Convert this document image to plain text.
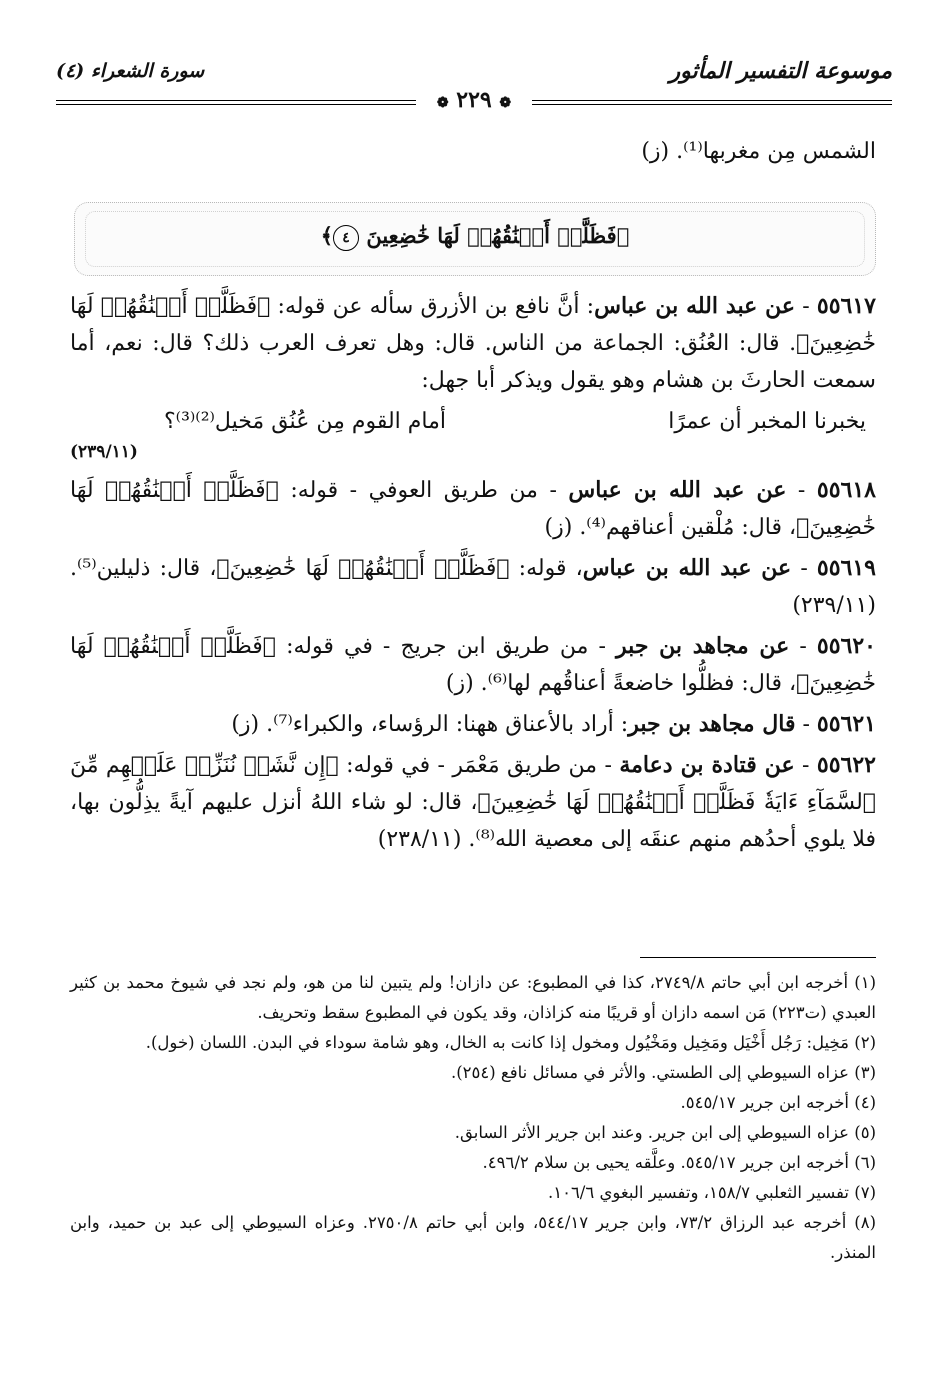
موسوعة التفسير المأثور
❁ ٢٢٩ ❁
سورة الشعراء (٤)
الشمس مِن مغربها⁽¹⁾. (ز)
﴿فَظَلَّتۡ أَعۡنَٰقُهُمۡ لَهَا خَٰضِعِينَ ٤﴾
٥٥٦١٧ - عن عبد الله بن عباس: أنَّ نافع بن الأزرق سأله عن قوله: ﴿فَظَلَّتۡ أَعۡنَٰقُهُمۡ لَهَا خَٰضِعِينَ﴾. قال: العُنُق: الجماعة من الناس. قال: وهل تعرف العرب ذلك؟ قال: نعم، أما سمعت الحارثَ بن هشام وهو يقول ويذكر أبا جهل:
يخبرنا المخبر أن عمرًا
أمام القوم مِن عُنُق مَخيل⁽²⁾⁽³⁾؟
(٢٣٩/١١)
٥٥٦١٨ - عن عبد الله بن عباس - من طريق العوفي - قوله: ﴿فَظَلَّتۡ أَعۡنَٰقُهُمۡ لَهَا خَٰضِعِينَ﴾، قال: مُلْقين أعناقهم⁽⁴⁾. (ز)
٥٥٦١٩ - عن عبد الله بن عباس، قوله: ﴿فَظَلَّتۡ أَعۡنَٰقُهُمۡ لَهَا خَٰضِعِينَ﴾، قال: ذليلين⁽⁵⁾. (٢٣٩/١١)
٥٥٦٢٠ - عن مجاهد بن جبر - من طريق ابن جريج - في قوله: ﴿فَظَلَّتۡ أَعۡنَٰقُهُمۡ لَهَا خَٰضِعِينَ﴾، قال: فظلُّوا خاضعةً أعناقُهم لها⁽⁶⁾. (ز)
٥٥٦٢١ - قال مجاهد بن جبر: أراد بالأعناق ههنا: الرؤساء، والكبراء⁽⁷⁾. (ز)
٥٥٦٢٢ - عن قتادة بن دعامة - من طريق مَعْمَر - في قوله: ﴿إِن نَّشَأۡ نُنَزِّلۡ عَلَيۡهِم مِّنَ ٱلسَّمَآءِ ءَايَةٗ فَظَلَّتۡ أَعۡنَٰقُهُمۡ لَهَا خَٰضِعِينَ﴾، قال: لو شاء اللهُ أنزل عليهم آيةً يذِلُّون بها، فلا يلوي أحدُهم منهم عنقَه إلى معصية الله⁽⁸⁾. (٢٣٨/١١)

(١) أخرجه ابن أبي حاتم ٢٧٤٩/٨، كذا في المطبوع: عن دازان! ولم يتبين لنا من هو، ولم نجد في شيوخ محمد بن كثير العبدي (ت٢٢٣) مَن اسمه دازان أو قريبًا منه كزاذان، وقد يكون في المطبوع سقط وتحريف.

(٢) مَخِيل: رَجُل أَخْيَل ومَخِيل ومَخْيُول ومخول إذا كانت به الخال، وهو شامة سوداء في البدن. اللسان (خول).

(٣) عزاه السيوطي إلى الطستي. والأثر في مسائل نافع (٢٥٤).

(٤) أخرجه ابن جرير ٥٤٥/١٧.

(٥) عزاه السيوطي إلى ابن جرير. وعند ابن جرير الأثر السابق.

(٦) أخرجه ابن جرير ٥٤٥/١٧. وعلَّقه يحيى بن سلام ٤٩٦/٢.

(٧) تفسير الثعلبي ١٥٨/٧، وتفسير البغوي ١٠٦/٦.

(٨) أخرجه عبد الرزاق ٧٣/٢، وابن جرير ٥٤٤/١٧، وابن أبي حاتم ٢٧٥٠/٨. وعزاه السيوطي إلى عبد بن حميد، وابن المنذر.
